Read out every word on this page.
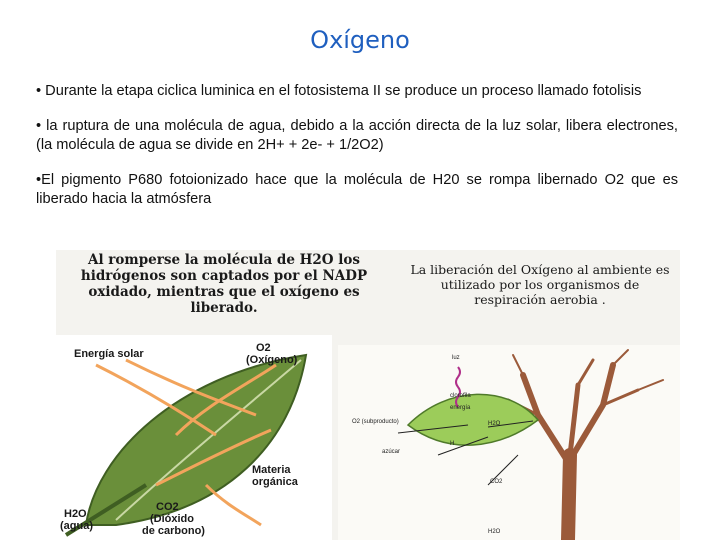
Oxígeno

• Durante la etapa ciclica luminica en el fotosistema II se produce un proceso llamado fotolisis

• la ruptura de una molécula de agua, debido a la acción directa de la luz solar, libera electrones, (la molécula de agua se divide en 2H+ + 2e- + 1/2O2)

•El pigmento P680 fotoionizado hace que la molécula de H20 se rompa libernado O2 que es liberado hacia la atmósfera

Al romperse la molécula de H2O los hidrógenos son captados por el NADP oxidado, mientras que el oxígeno es liberado.
La liberación del Oxígeno al ambiente es utilizado por los organismos de respiración aerobia .
Energía solar	O2
(Oxígeno)
Materia
orgánica
H2O
(agua)
CO2
(Dióxido
de carbono)
luz
clorofila
energía
O2 (subproducto)	H2O
H
azúcar
CO2
H2O
